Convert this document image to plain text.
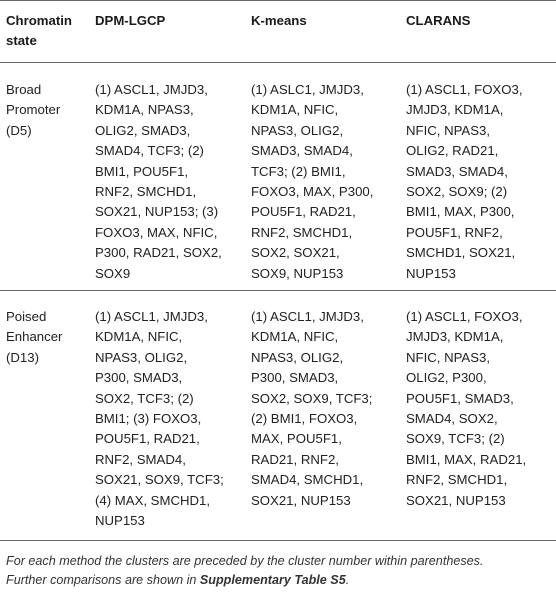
Chromatin
state
DPM-LGCP	K-means	CLARANS
Broad
Promoter
(D5)
(1) ASCL1, JMJD3,
KDM1A, NPAS3,
OLIG2, SMAD3,
SMAD4, TCF3; (2)
BMI1, POU5F1,
RNF2, SMCHD1,
SOX21, NUP153; (3)
FOXO3, MAX, NFIC,
P300, RAD21, SOX2,
SOX9
(1) ASLC1, JMJD3,
KDM1A, NFIC,
NPAS3, OLIG2,
SMAD3, SMAD4,
TCF3; (2) BMI1,
FOXO3, MAX, P300,
POU5F1, RAD21,
RNF2, SMCHD1,
SOX2, SOX21,
SOX9, NUP153
(1) ASCL1, FOXO3,
JMJD3, KDM1A,
NFIC, NPAS3,
OLIG2, RAD21,
SMAD3, SMAD4,
SOX2, SOX9; (2)
BMI1, MAX, P300,
POU5F1, RNF2,
SMCHD1, SOX21,
NUP153
Poised
Enhancer
(D13)
(1) ASCL1, JMJD3,
KDM1A, NFIC,
NPAS3, OLIG2,
P300, SMAD3,
SOX2, TCF3; (2)
BMI1; (3) FOXO3,
POU5F1, RAD21,
RNF2, SMAD4,
SOX21, SOX9, TCF3;
(4) MAX, SMCHD1,
NUP153
(1) ASCL1, JMJD3,
KDM1A, NFIC,
NPAS3, OLIG2,
P300, SMAD3,
SOX2, SOX9, TCF3;
(2) BMI1, FOXO3,
MAX, POU5F1,
RAD21, RNF2,
SMAD4, SMCHD1,
SOX21, NUP153
(1) ASCL1, FOXO3,
JMJD3, KDM1A,
NFIC, NPAS3,
OLIG2, P300,
POU5F1, SMAD3,
SMAD4, SOX2,
SOX9, TCF3; (2)
BMI1, MAX, RAD21,
RNF2, SMCHD1,
SOX21, NUP153
For each method the clusters are preceded by the cluster number within parentheses.
Further comparisons are shown in Supplementary Table S5.
